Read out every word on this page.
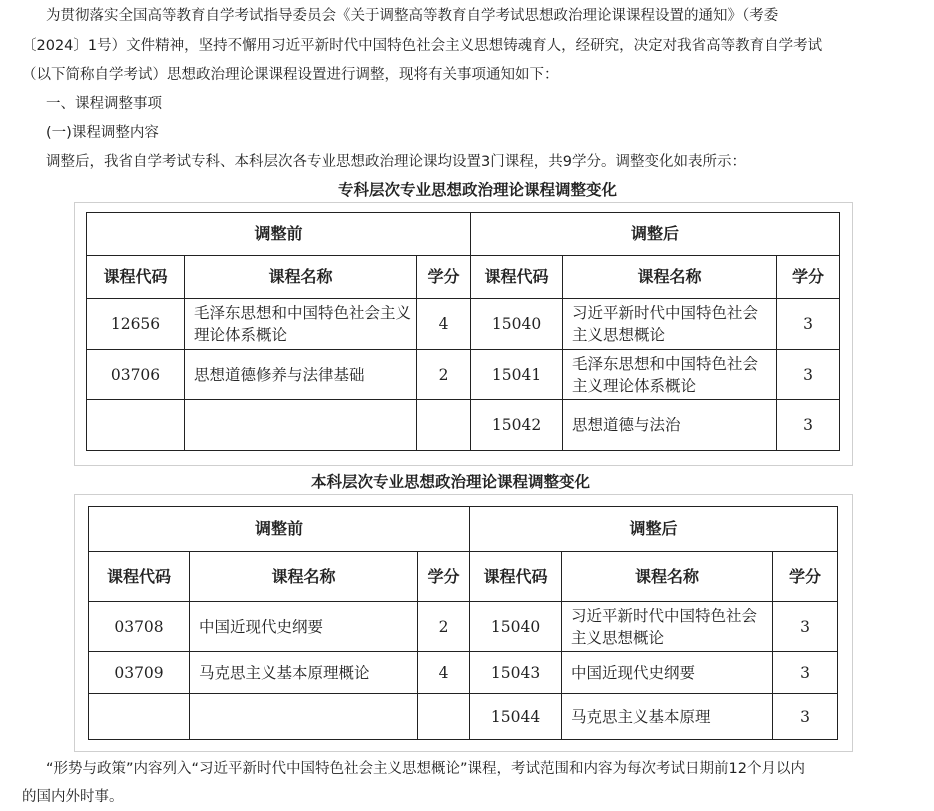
为贯彻落实全国高等教育自学考试指导委员会《关于调整高等教育自学考试思想政治理论课课程设置的通知》（考委
〔2024〕1号）文件精神，坚持不懈用习近平新时代中国特色社会主义思想铸魂育人，经研究，决定对我省高等教育自学考试
（以下简称自学考试）思想政治理论课课程设置进行调整，现将有关事项通知如下：

一、课程调整事项

(一)课程调整内容

调整后，我省自学考试专科、本科层次各专业思想政治理论课均设置3门课程，共9学分。调整变化如表所示：

专科层次专业思想政治理论课程调整变化
调整前			调整后		
课程代码	课程名称	学分	课程代码	课程名称	学分
12656	毛泽东思想和中国特色社会主义理论体系概论	4	15040	习近平新时代中国特色社会主义思想概论	3
03706	思想道德修养与法律基础	2	15041	毛泽东思想和中国特色社会主义理论体系概论	3
			15042	思想道德与法治	3
本科层次专业思想政治理论课程调整变化
调整前			调整后		
课程代码	课程名称	学分	课程代码	课程名称	学分
03708	中国近现代史纲要	2	15040	习近平新时代中国特色社会主义思想概论	3
03709	马克思主义基本原理概论	4	15043	中国近现代史纲要	3
			15044	马克思主义基本原理	3

“形势与政策”内容列入“习近平新时代中国特色社会主义思想概论”课程，考试范围和内容为每次考试日期前12个月以内
的国内外时事。
